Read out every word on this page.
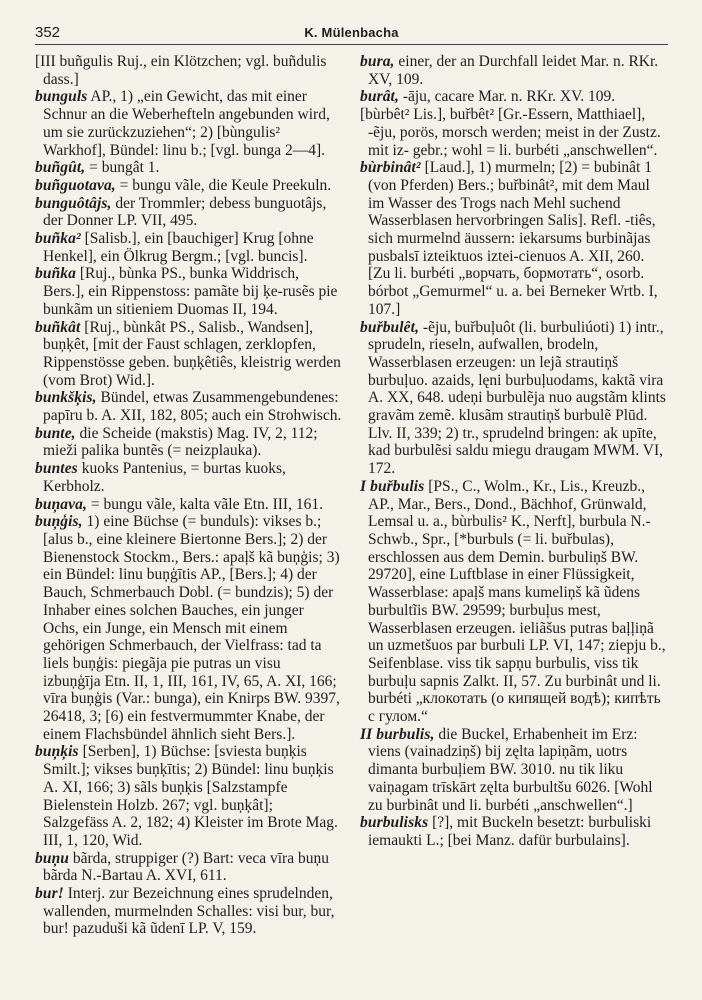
352	K. Mülenbacha

[III buñgulis Ruj., ein Klötzchen; vgl. buñdulis dass.]

bunguls AP., 1) „ein Gewicht, das mit einer Schnur an die Weberhefteln angebunden wird, um sie zurückzuziehen“; 2) [bùngulis² Warkhof], Bündel: linu b.; [vgl. bunga 2—4].

buñgût, = bungât 1.

buñguotava, = bungu vãle, die Keule Preekuln.

bunguôtâjs, der Trommler; debess bunguotâjs, der Donner LP. VII, 495.

buñka² [Salisb.], ein [bauchiger] Krug [ohne Henkel], ein Ölkrug Bergm.; [vgl. buncis].

buñka [Ruj., bùnka PS., bunka Widdrisch, Bers.], ein Rippenstoss: pamãte bij ķe-rusẽs pie bunkãm un sitieniem Duomas II, 194.

buñkât [Ruj., bùnkât PS., Salisb., Wandsen], buņķêt, [mit der Faust schlagen, zerklopfen, Rippenstösse geben. buņķêtiês, kleistrig werden (vom Brot) Wid.].

bunkšķis, Bündel, etwas Zusammengebundenes: papīru b. A. XII, 182, 805; auch ein Strohwisch.

bunte, die Scheide (makstis) Mag. IV, 2, 112; mieži palika buntẽs (= neizplauka).

buntes kuoks Pantenius, = burtas kuoks, Kerbholz.

buņava, = bungu vãle, kalta vãle Etn. III, 161.

buņģis, 1) eine Büchse (= bunduls): vikses b.; [alus b., eine kleinere Biertonne Bers.]; 2) der Bienenstock Stockm., Bers.: apaļš kã buņģis; 3) ein Bündel: linu buņģītis AP., [Bers.]; 4) der Bauch, Schmerbauch Dobl. (= bundzis); 5) der Inhaber eines solchen Bauches, ein junger Ochs, ein Junge, ein Mensch mit einem gehörigen Schmerbauch, der Vielfrass: tad ta liels buņģis: piegãja pie putras un visu izbuņģīja Etn. II, 1, III, 161, IV, 65, A. XI, 166; vīra buņģis (Var.: bunga), ein Knirps BW. 9397, 26418, 3; [6) ein festvermummter Knabe, der einem Flachsbündel ähnlich sieht Bers.].

buņķis [Serben], 1) Büchse: [sviesta buņķis Smilt.]; vikses buņķītis; 2) Bündel: linu buņķis A. XI, 166; 3) sãls buņķis [Salzstampfe Bielenstein Holzb. 267; vgl. buņķât]; Salzgefäss A. 2, 182; 4) Kleister im Brote Mag. III, 1, 120, Wid.

buņu bãrda, struppiger (?) Bart: veca vīra buņu bãrda N.-Bartau A. XVI, 611.

bur! Interj. zur Bezeichnung eines sprudelnden, wallenden, murmelnden Schalles: visi bur, bur, bur! pazuduši kã ũdenī LP. V, 159.

bura, einer, der an Durchfall leidet Mar. n. RKr. XV, 109.

burât, -āju, cacare Mar. n. RKr. XV. 109.

[bùrbêt² Lis.], buřbêt² [Gr.-Essern, Matthiael], -ẽju, porös, morsch werden; meist in der Zustz. mit iz- gebr.; wohl = li. burbéti „anschwellen“.

bùrbinât² [Laud.], 1) murmeln; [2) = bubinât 1 (von Pferden) Bers.; buřbinât², mit dem Maul im Wasser des Trogs nach Mehl suchend Wasserblasen hervorbringen Salis]. Refl. -tiês, sich murmelnd äussern: iekarsums burbinãjas pusbalsī izteiktuos iztei-cienuos A. XII, 260. [Zu li. burbéti „ворчать, бормотать“, osorb. bórbot „Gemurmel“ u. a. bei Berneker Wrtb. I, 107.]

buřbulêt, -ẽju, buřbuļuôt (li. burbuliúoti) 1) intr., sprudeln, rieseln, aufwallen, brodeln, Wasserblasen erzeugen: un lejã strautiņš burbuļuo. azaids, lęni burbuļuodams, kaktã vira A. XX, 648. udeņi burbulẽja nuo augstãm klints gravãm zemẽ. klusãm strautiņš burbulẽ Plūd. Llv. II, 339; 2) tr., sprudelnd bringen: ak upīte, kad burbulẽsi saldu miegu draugam MWM. VI, 172.

I buřbulis [PS., C., Wolm., Kr., Lis., Kreuzb., AP., Mar., Bers., Dond., Bächhof, Grünwald, Lemsal u. a., bùrbulis² K., Nerft], burbula N.-Schwb., Spr., [*burbuls (= li. buřbulas), erschlossen aus dem Demin. burbuliņš BW. 29720], eine Luftblase in einer Flüssigkeit, Wasserblase: apaļš mans kumeliņš kã ũdens burbultĩis BW. 29599; burbuļus mest, Wasserblasen erzeugen. ieliãšus putras baļļiņã un uzmetšuos par burbuli LP. VI, 147; ziepju b., Seifenblase. viss tik sapņu burbulis, viss tik burbuļu sapnis Zalkt. II, 57. Zu burbinât und li. burbéti „клокотать (о кипящей водѣ); кипѣть с гулом.“

II burbulis, die Buckel, Erhabenheit im Erz: viens (vainadziņš) bij zęlta lapiņãm, uotrs dimanta burbuļiem BW. 3010. nu tik liku vaiņagam trīskārt zęlta burbultšu 6026. [Wohl zu burbinât und li. burbéti „anschwellen“.]

burbulisks [?], mit Buckeln besetzt: burbuliski iemaukti L.; [bei Manz. dafür burbulains].
